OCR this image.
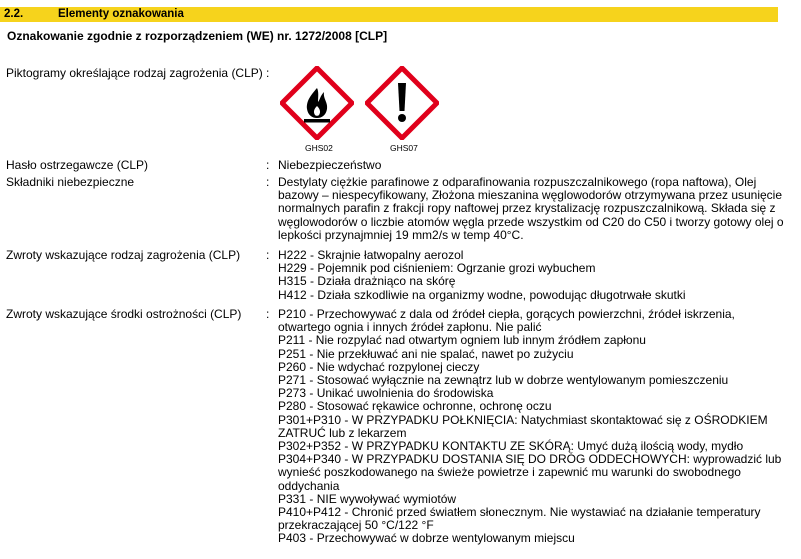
2.2.	Elementy oznakowania
Oznakowanie zgodnie z rozporządzeniem (WE) nr. 1272/2008 [CLP]
Piktogramy określające rodzaj zagrożenia (CLP) :
GHS02	GHS07
Hasło ostrzegawcze (CLP)	: Niebezpieczeństwo
Składniki niebezpieczne	: Destylaty ciężkie parafinowe z odparafinowania rozpuszczalnikowego (ropa naftowa), Olej
bazowy – niespecyfikowany, Złożona mieszanina węglowodorów otrzymywana przez usunięcie
normalnych parafin z frakcji ropy naftowej przez krystalizację rozpuszczalnikową. Składa się z
węglowodorów o liczbie atomów węgla przede wszystkim od C20 do C50 i tworzy gotowy olej o
lepkości przynajmniej 19 mm2/s w temp 40°C.
Zwroty wskazujące rodzaj zagrożenia (CLP) : H222 - Skrajnie łatwopalny aerozol
H229 - Pojemnik pod ciśnieniem: Ogrzanie grozi wybuchem
H315 - Działa drażniąco na skórę
H412 - Działa szkodliwie na organizmy wodne, powodując długotrwałe skutki
Zwroty wskazujące środki ostrożności (CLP) : P210 - Przechowywać z dala od źródeł ciepła, gorących powierzchni, źródeł iskrzenia,
otwartego ognia i innych źródeł zapłonu. Nie palić
P211 - Nie rozpylać nad otwartym ogniem lub innym źródłem zapłonu
P251 - Nie przekłuwać ani nie spalać, nawet po zużyciu
P260 - Nie wdychać rozpylonej cieczy
P271 - Stosować wyłącznie na zewnątrz lub w dobrze wentylowanym pomieszczeniu
P273 - Unikać uwolnienia do środowiska
P280 - Stosować rękawice ochronne, ochronę oczu
P301+P310 - W PRZYPADKU POŁKNIĘCIA: Natychmiast skontaktować się z OŚRODKIEM
ZATRUĆ lub z lekarzem
P302+P352 - W PRZYPADKU KONTAKTU ZE SKÓRĄ: Umyć dużą ilością wody, mydło
P304+P340 - W PRZYPADKU DOSTANIA SIĘ DO DRÓG ODDECHOWYCH: wyprowadzić lub
wynieść poszkodowanego na świeże powietrze i zapewnić mu warunki do swobodnego
oddychania
P331 - NIE wywoływać wymiotów
P410+P412 - Chronić przed światłem słonecznym. Nie wystawiać na działanie temperatury
przekraczającej 50 °C/122 °F
P403 - Przechowywać w dobrze wentylowanym miejscu
